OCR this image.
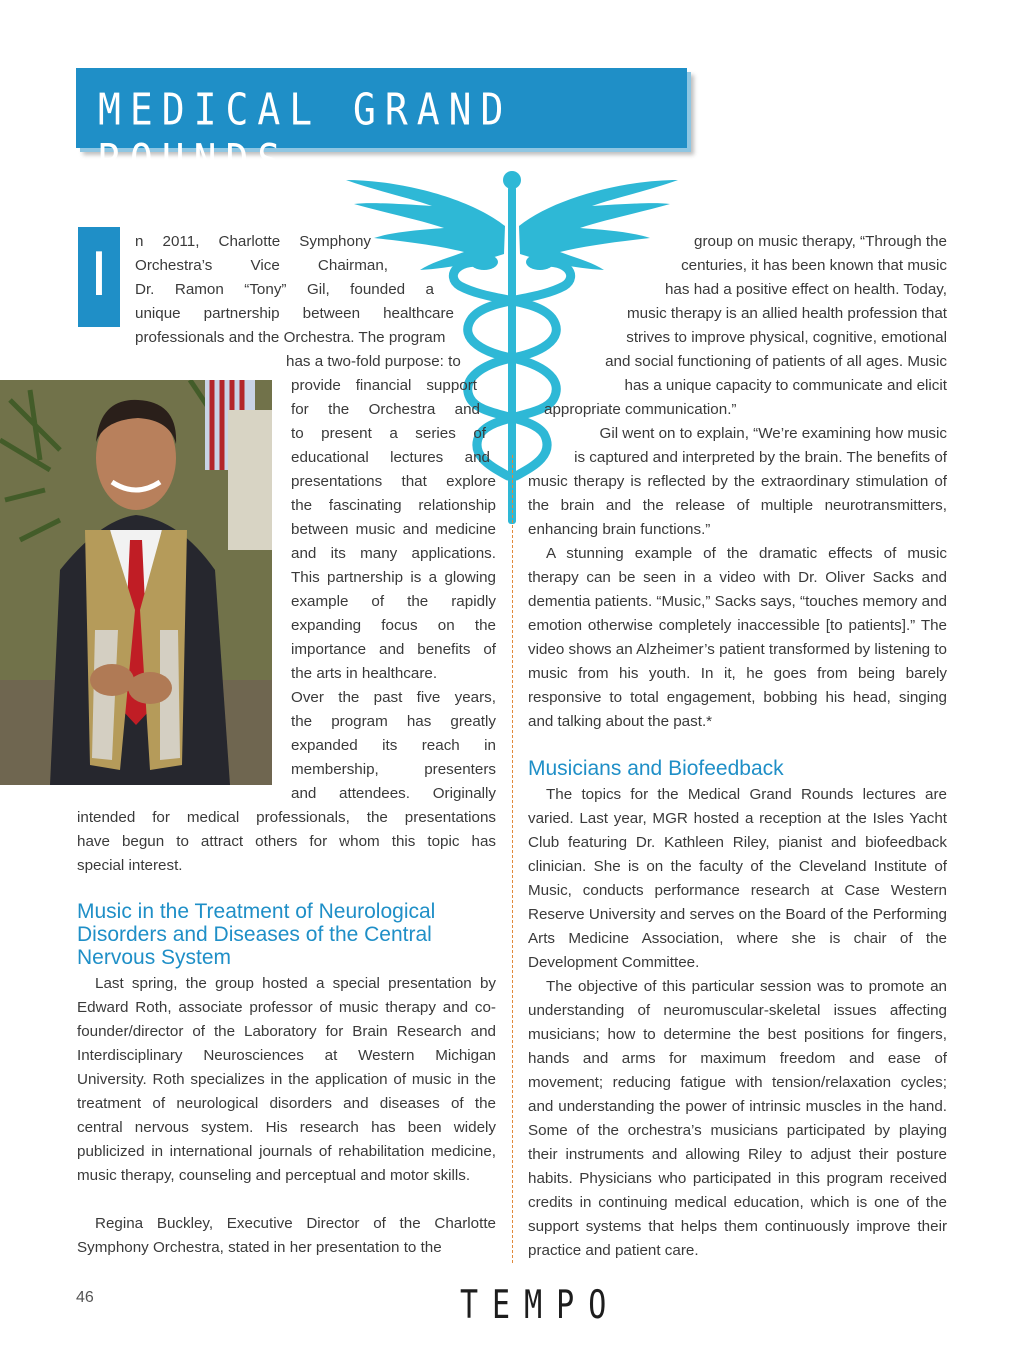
MEDICAL GRAND ROUNDS
I	n 2011, Charlotte Symphony
Orchestra’s Vice Chairman,
Dr. Ramon “Tony” Gil, founded a
unique partnership between healthcare
professionals and the Orchestra. The program
has a two-fold purpose: to
provide financial support
for the Orchestra and
to present a series of
educational lectures and
presentations that explore
the fascinating relationship
between music and medicine
and its many applications.
This partnership is a glowing
example of the rapidly
expanding focus on the
importance and benefits of
the arts in healthcare.
Over the past five years,
the program has greatly
expanded its reach in
membership, presenters
and attendees. Originally
intended for medical professionals, the presentations
have begun to attract others for whom this topic has
special interest.
Music in the Treatment of Neurological Disorders and Diseases of the Central Nervous System
Last spring, the group hosted a special presentation by Edward Roth, associate professor of music therapy and co-founder/director of the Laboratory for Brain Research and Interdisciplinary Neurosciences at Western Michigan University. Roth specializes in the application of music in the treatment of neurological disorders and diseases of the central nervous system. His research has been widely publicized in international journals of rehabilitation medicine, music therapy, counseling and perceptual and motor skills.
Regina Buckley, Executive Director of the Charlotte Symphony Orchestra, stated in her presentation to the
group on music therapy, “Through the
centuries, it has been known that music
has had a positive effect on health. Today,
music therapy is an allied health profession that
strives to improve physical, cognitive, emotional
and social functioning of patients of all ages. Music
has a unique capacity to communicate and elicit
appropriate communication.”
Gil went on to explain, “We’re examining how music
is captured and interpreted by the brain. The benefits of
music therapy is reflected by the extraordinary stimulation of the brain and the release of multiple neurotransmitters, enhancing brain functions.”
A stunning example of the dramatic effects of music therapy can be seen in a video with Dr. Oliver Sacks and dementia patients. “Music,” Sacks says, “touches memory and emotion otherwise completely inaccessible [to patients].” The video shows an Alzheimer’s patient transformed by listening to music from his youth. In it, he goes from being barely responsive to total engagement, bobbing his head, singing and talking about the past.*
Musicians and Biofeedback
The topics for the Medical Grand Rounds lectures are varied. Last year, MGR hosted a reception at the Isles Yacht Club featuring Dr. Kathleen Riley, pianist and biofeedback clinician. She is on the faculty of the Cleveland Institute of Music, conducts performance research at Case Western Reserve University and serves on the Board of the Performing Arts Medicine Association, where she is chair of the Development Committee.
The objective of this particular session was to promote an understanding of neuromuscular-skeletal issues affecting musicians; how to determine the best positions for fingers, hands and arms for maximum freedom and ease of movement; reducing fatigue with tension/relaxation cycles; and understanding the power of intrinsic muscles in the hand. Some of the orchestra’s musicians participated by playing their instruments and allowing Riley to adjust their posture habits. Physicians who participated in this program received credits in continuing medical education, which is one of the support systems that helps them continuously improve their practice and patient care.
46	TEMPO
